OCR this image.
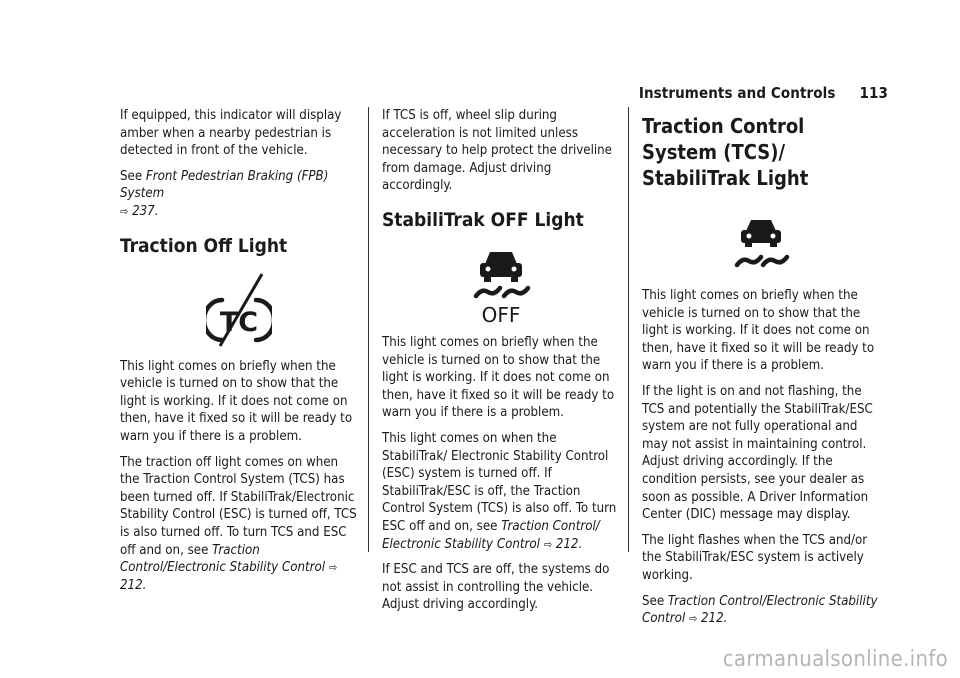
Instruments and Controls 113

If equipped, this indicator will display amber when a nearby pedestrian is detected in front of the vehicle.

See Front Pedestrian Braking (FPB) System
⇨ 237.

Traction Off Light
TC

This light comes on briefly when the vehicle is turned on to show that the light is working. If it does not come on then, have it fixed so it will be ready to warn you if there is a problem.

The traction off light comes on when the Traction Control System (TCS) has been turned off. If StabiliTrak/Electronic Stability Control (ESC) is turned off, TCS is also turned off. To turn TCS and ESC off and on, see Traction Control/Electronic Stability Control ⇨ 212.

If TCS is off, wheel slip during acceleration is not limited unless necessary to help protect the driveline from damage. Adjust driving accordingly.

StabiliTrak OFF Light
OFF

This light comes on briefly when the vehicle is turned on to show that the light is working. If it does not come on then, have it fixed so it will be ready to warn you if there is a problem.

This light comes on when the StabiliTrak/ Electronic Stability Control (ESC) system is turned off. If StabiliTrak/ESC is off, the Traction Control System (TCS) is also off. To turn ESC off and on, see Traction Control/ Electronic Stability Control ⇨ 212.

If ESC and TCS are off, the systems do not assist in controlling the vehicle. Adjust driving accordingly.

Traction Control System (TCS)/ StabiliTrak Light

This light comes on briefly when the vehicle is turned on to show that the light is working. If it does not come on then, have it fixed so it will be ready to warn you if there is a problem.

If the light is on and not flashing, the TCS and potentially the StabiliTrak/ESC system are not fully operational and may not assist in maintaining control. Adjust driving accordingly. If the condition persists, see your dealer as soon as possible. A Driver Information Center (DIC) message may display.

The light flashes when the TCS and/or the StabiliTrak/ESC system is actively working.

See Traction Control/Electronic Stability Control ⇨ 212.

carmanualsonline.info
